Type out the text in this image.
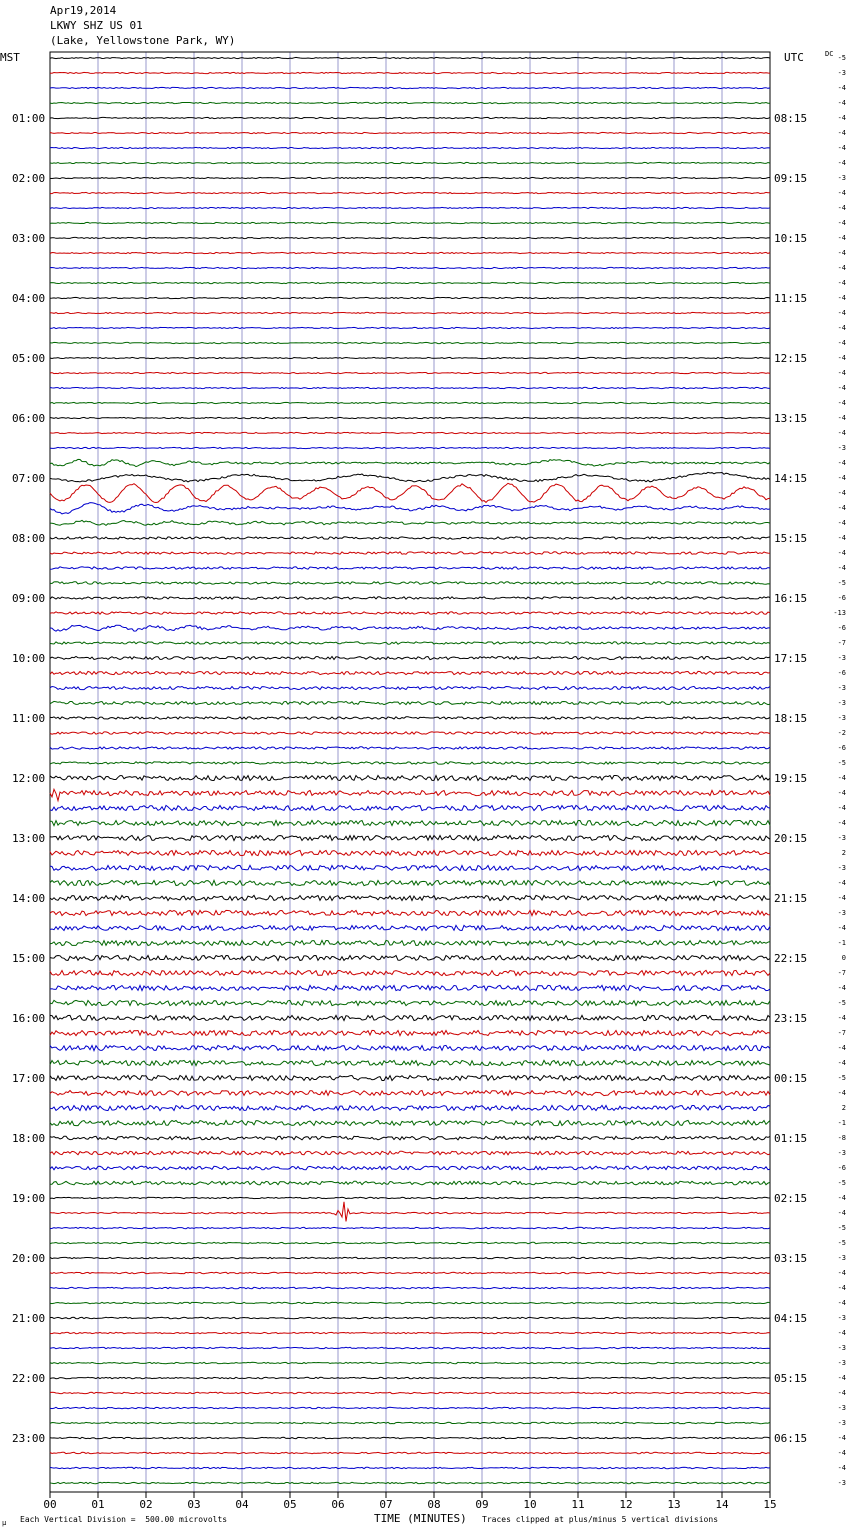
Apr19,2014
LKWY SHZ US 01
(Lake, Yellowstone Park, WY)
MST	UTC
01:00
02:00
03:00
04:00
05:00
06:00
07:00
08:00
09:00
10:00
11:00
12:00
13:00
14:00
15:00
16:00
17:00
18:00
19:00
20:00
21:00
22:00
23:00
08:15
09:15
10:15
11:15
12:15
13:15
14:15
15:15
16:15
17:15
18:15
19:15
20:15
21:15
22:15
23:15
00:15
01:15
02:15
03:15
04:15
05:15
06:15
DC -5
-3
-4
-4
-4
-4
-4
-4
-3
-4
-4
-4
-4
-4
-4
-4
-4
-4
-4
-4
-4
-4
-4
-4
-4
-4
-3
-4
-4
-4
-4
-4
-4
-4
-4
-5
-6
-13
-6
-7
-3
-6
-3
-3
-3
-2
-6
-5
-4
-4
-4
-4
-3
2
-3
-4
-4
-3
-4
-1
0
-7
-4
-5
-4
-7
-4
-4
-5
-4
2
-1
-8
-3
-6
-5
-4
-4
-5
-5
-3
-4
-4
-4
-3
-4
-3
-3
-4
-4
-3
-3
-4
-4
-4
-3
00	01	02	03	04	05	06	07	08	09	10	11	12	13	14	15
μ Each Vertical Division =  500.00 microvolts	TIME (MINUTES) Traces clipped at plus/minus 5 vertical divisions
